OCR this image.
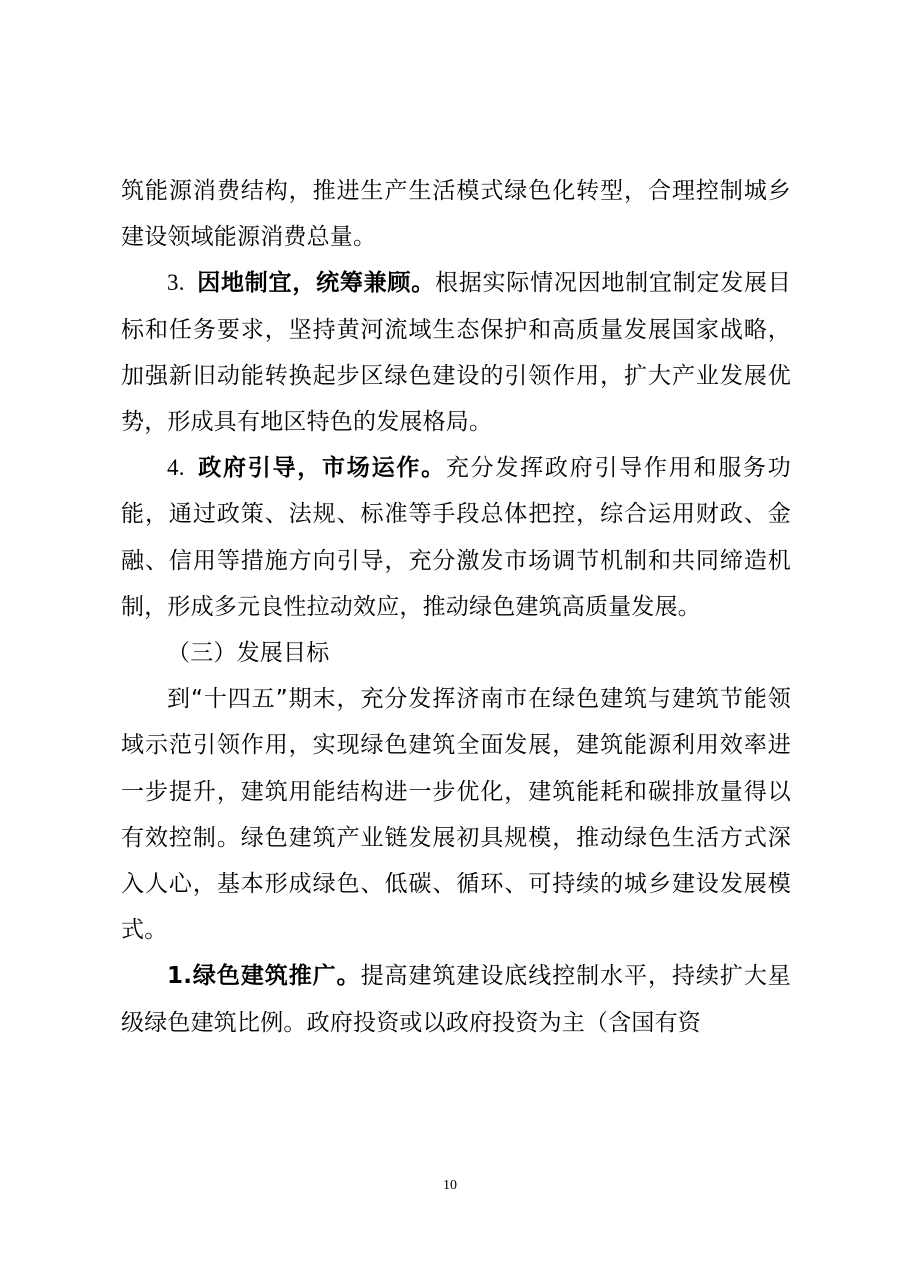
筑能源消费结构，推进生产生活模式绿色化转型，合理控制城乡建设领域能源消费总量。

3. 因地制宜，统筹兼顾。根据实际情况因地制宜制定发展目标和任务要求，坚持黄河流域生态保护和高质量发展国家战略，加强新旧动能转换起步区绿色建设的引领作用，扩大产业发展优势，形成具有地区特色的发展格局。

4. 政府引导，市场运作。充分发挥政府引导作用和服务功能，通过政策、法规、标准等手段总体把控，综合运用财政、金融、信用等措施方向引导，充分激发市场调节机制和共同缔造机制，形成多元良性拉动效应，推动绿色建筑高质量发展。

（三）发展目标

到“十四五”期末，充分发挥济南市在绿色建筑与建筑节能领域示范引领作用，实现绿色建筑全面发展，建筑能源利用效率进一步提升，建筑用能结构进一步优化，建筑能耗和碳排放量得以有效控制。绿色建筑产业链发展初具规模，推动绿色生活方式深入人心，基本形成绿色、低碳、循环、可持续的城乡建设发展模式。

1.绿色建筑推广。提高建筑建设底线控制水平，持续扩大星级绿色建筑比例。政府投资或以政府投资为主（含国有资

10
